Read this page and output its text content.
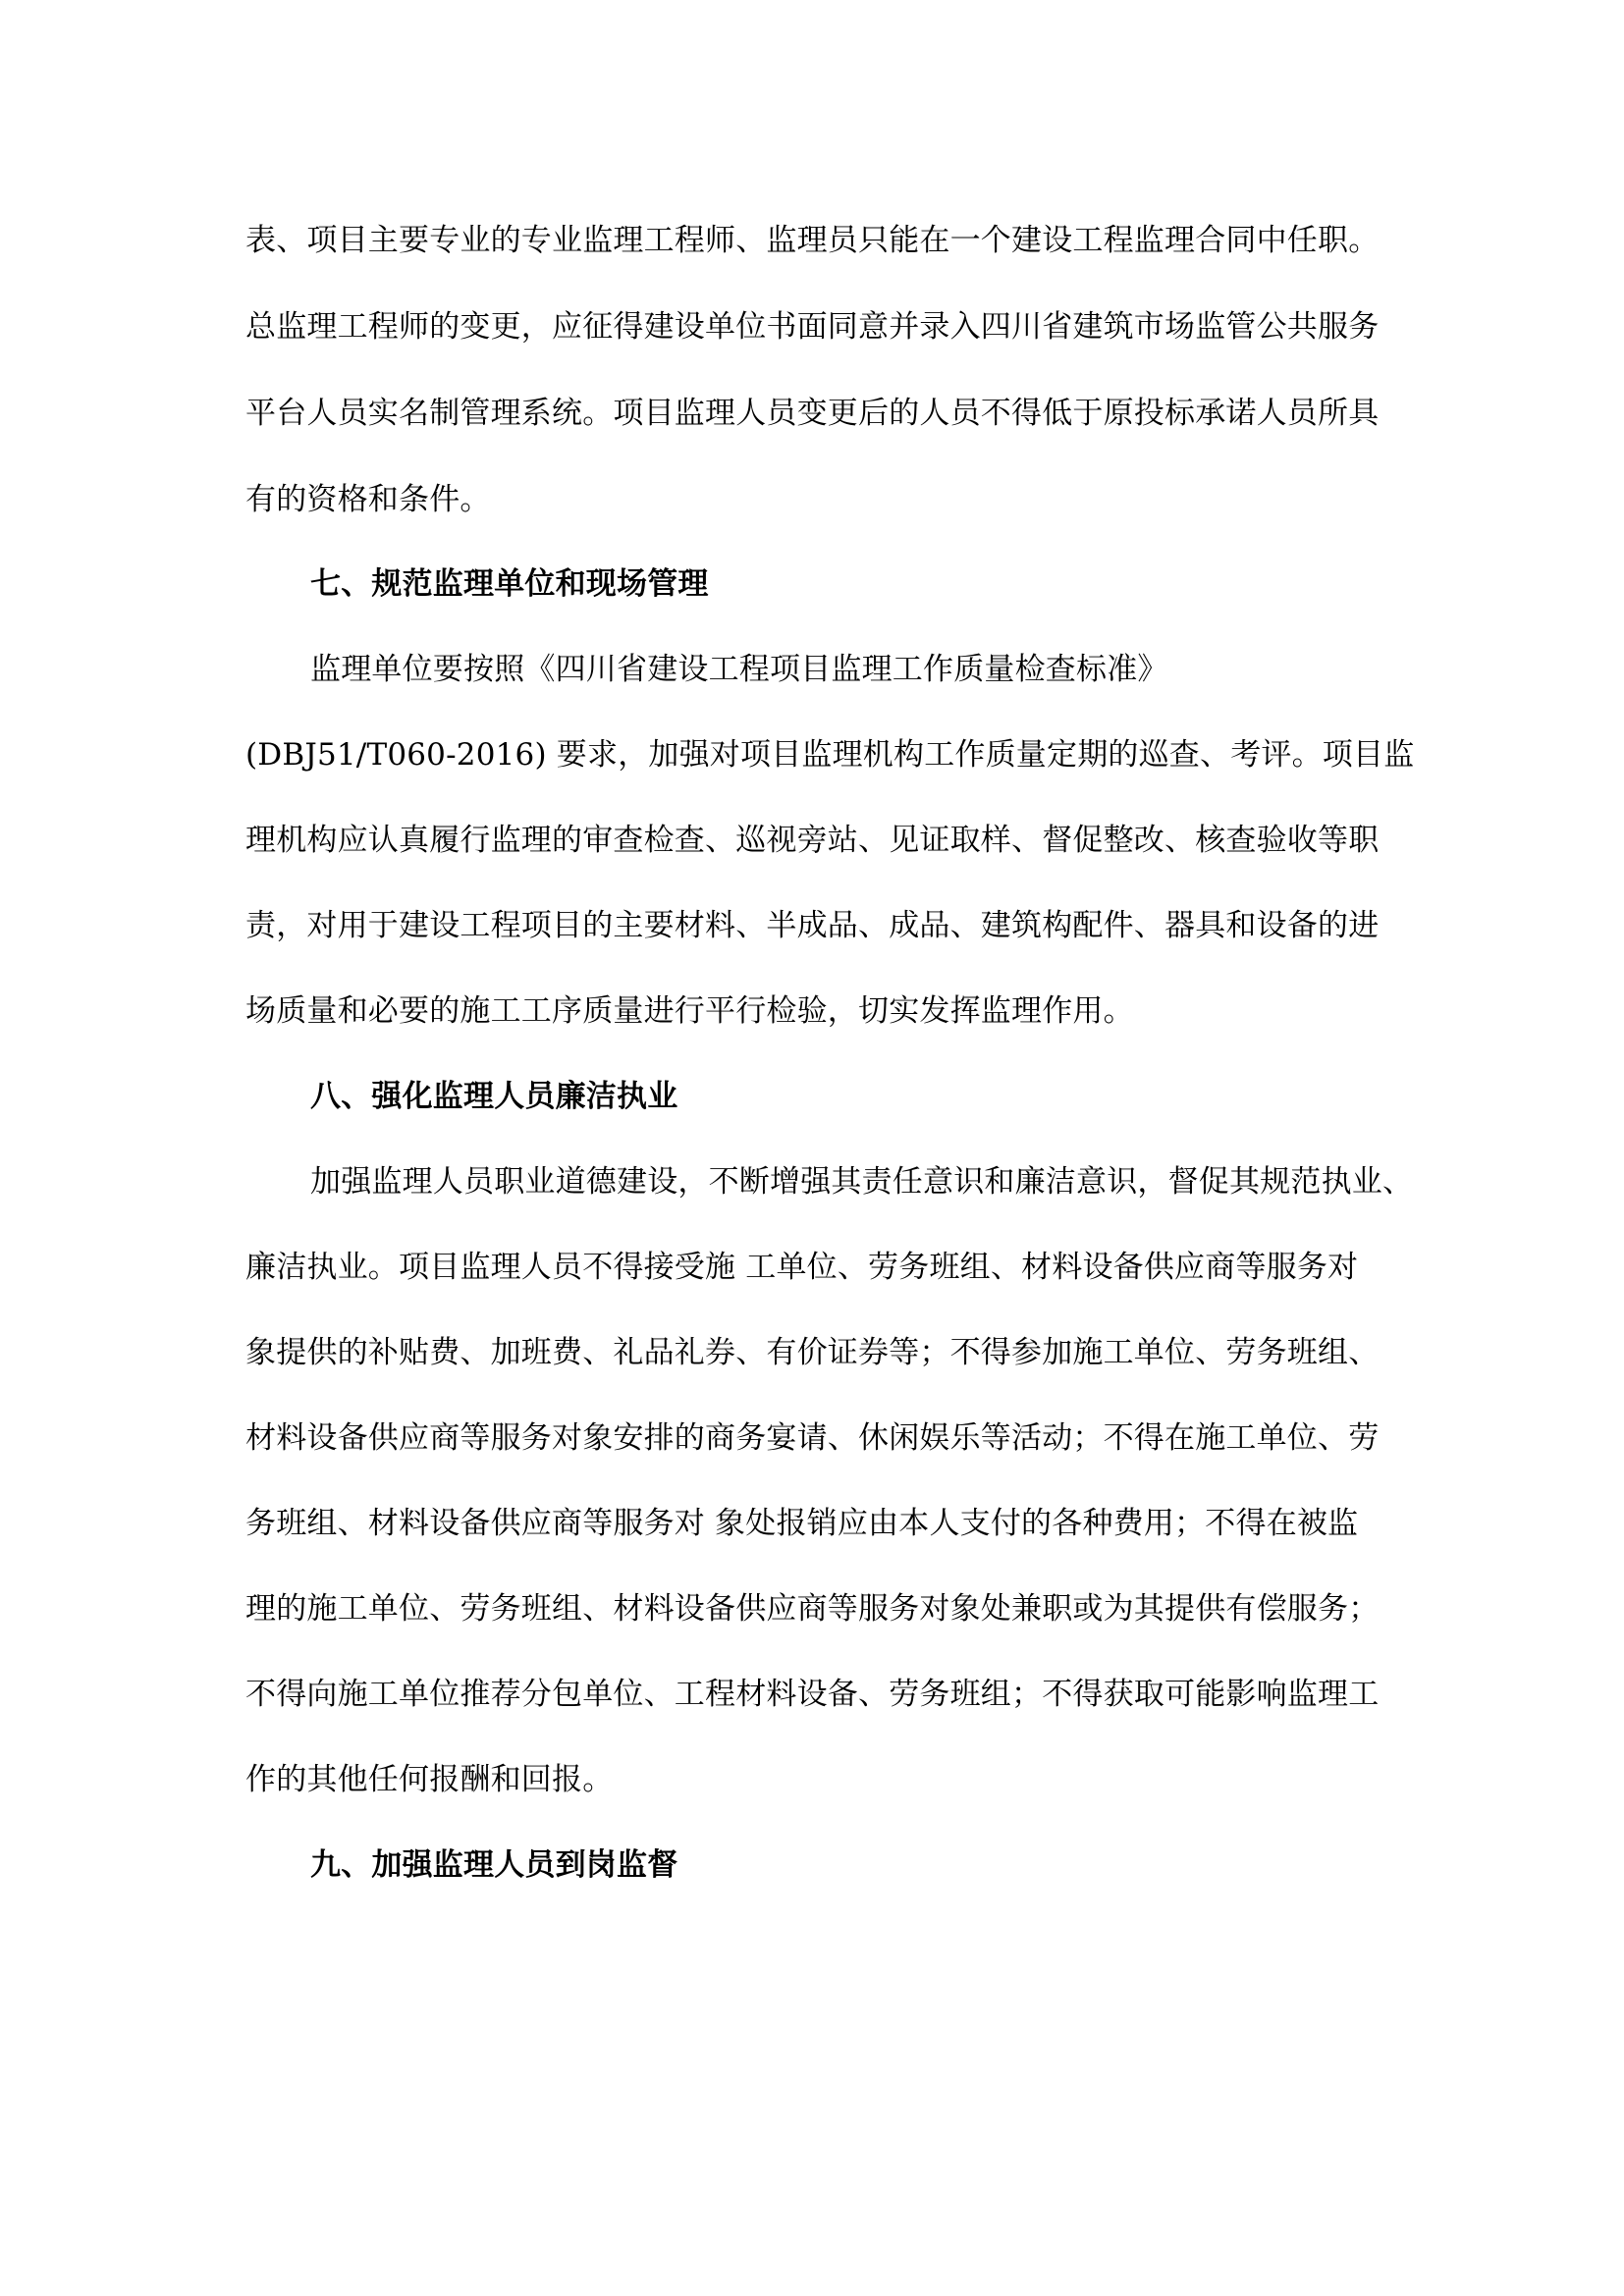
表、项目主要专业的专业监理工程师、监理员只能在一个建设工程监理合同中任职。
总监理工程师的变更，应征得建设单位书面同意并录入四川省建筑市场监管公共服务
平台人员实名制管理系统。项目监理人员变更后的人员不得低于原投标承诺人员所具
有的资格和条件。
七、规范监理单位和现场管理
监理单位要按照《四川省建设工程项目监理工作质量检查标准》
(DBJ51/T060-2016) 要求，加强对项目监理机构工作质量定期的巡查、考评。项目监
理机构应认真履行监理的审查检查、巡视旁站、见证取样、督促整改、核查验收等职
责，对用于建设工程项目的主要材料、半成品、成品、建筑构配件、器具和设备的进
场质量和必要的施工工序质量进行平行检验，切实发挥监理作用。
八、强化监理人员廉洁执业
加强监理人员职业道德建设，不断增强其责任意识和廉洁意识，督促其规范执业、
廉洁执业。项目监理人员不得接受施 工单位、劳务班组、材料设备供应商等服务对
象提供的补贴费、加班费、礼品礼券、有价证券等；不得参加施工单位、劳务班组、
材料设备供应商等服务对象安排的商务宴请、休闲娱乐等活动；不得在施工单位、劳
务班组、材料设备供应商等服务对 象处报销应由本人支付的各种费用；不得在被监
理的施工单位、劳务班组、材料设备供应商等服务对象处兼职或为其提供有偿服务；
不得向施工单位推荐分包单位、工程材料设备、劳务班组；不得获取可能影响监理工
作的其他任何报酬和回报。
九、加强监理人员到岗监督
